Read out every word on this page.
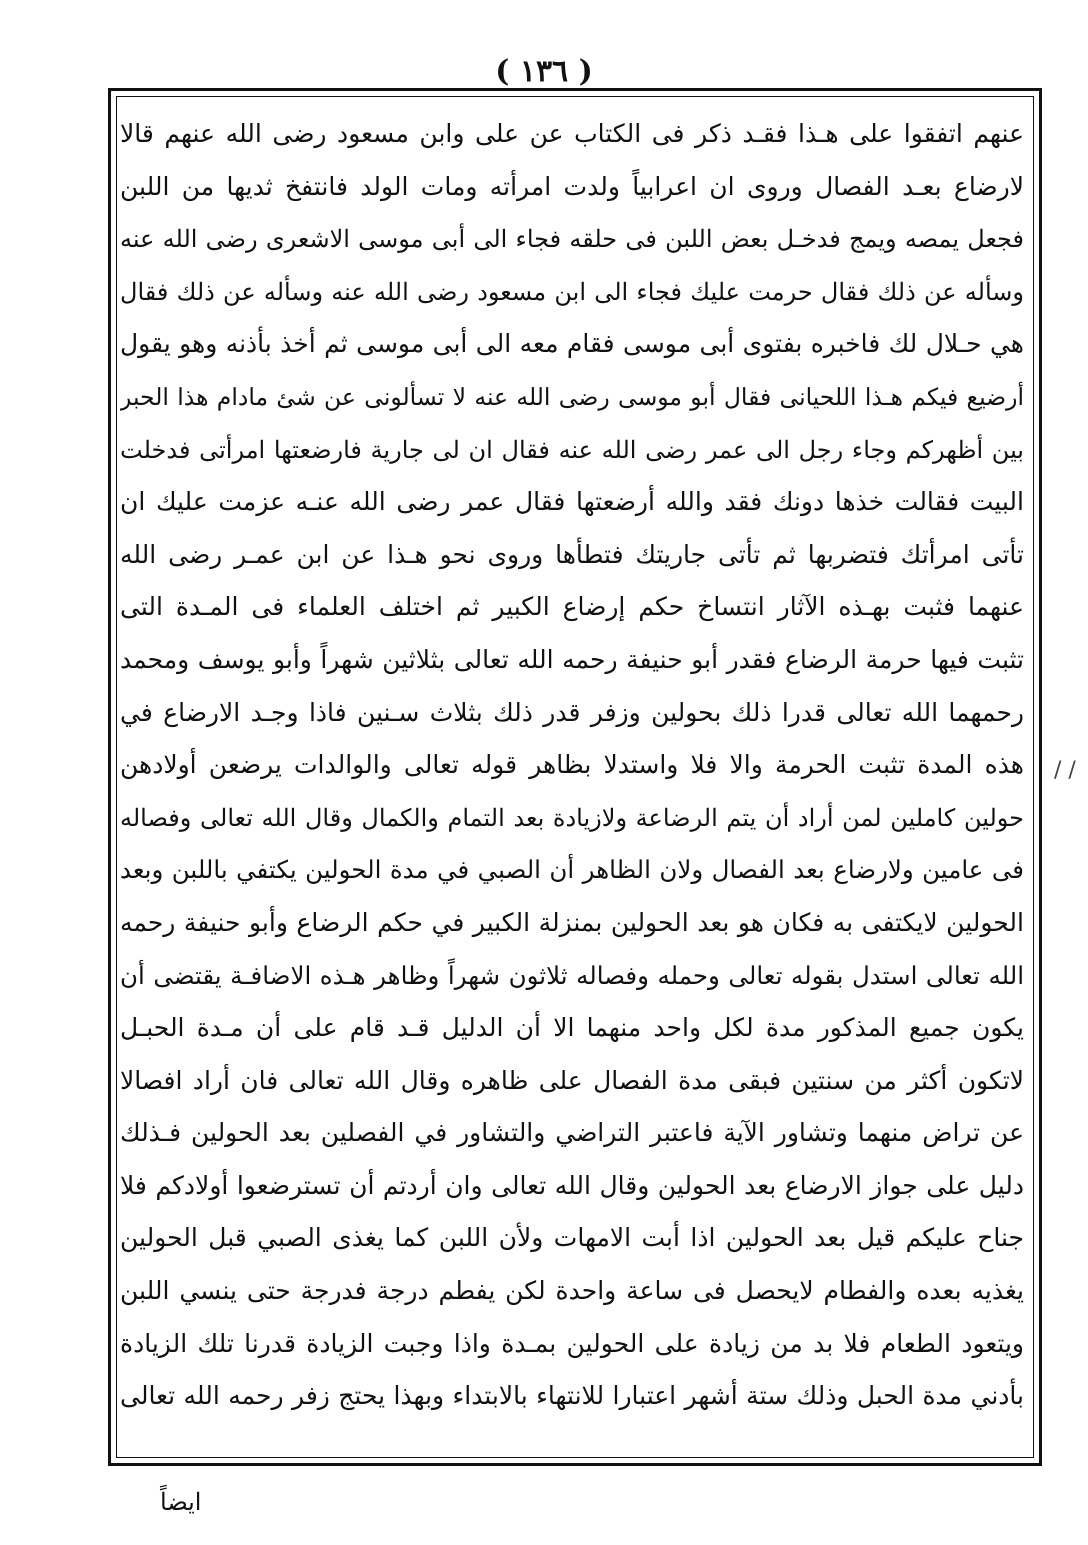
( ١٣٦ )
عنهم اتفقوا على هـذا فقـد ذكر فى الكتاب عن على وابن مسعود رضى الله عنهم قالا
لارضاع بعـد الفصال وروى ان اعرابياً ولدت امرأته ومات الولد فانتفخ ثديها من اللبن
فجعل يمصه ويمج فدخـل بعض اللبن فى حلقه فجاء الى أبى موسى الاشعرى رضى الله عنه
وسأله عن ذلك فقال حرمت عليك فجاء الى ابن مسعود رضى الله عنه وسأله عن ذلك فقال
هي حـلال لك فاخبره بفتوى أبى موسى فقام معه الى أبى موسى ثم أخذ بأذنه وهو يقول
أرضيع فيكم هـذا اللحيانى فقال أبو موسى رضى الله عنه لا تسألونى عن شئ مادام هذا الحبر
بين أظهركم وجاء رجل الى عمر رضى الله عنه فقال ان لى جارية فارضعتها امرأتى فدخلت
البيت فقالت خذها دونك فقد والله أرضعتها فقال عمر رضى الله عنـه عزمت عليك ان
تأتى امرأتك فتضربها ثم تأتى جاريتك فتطأها وروى نحو هـذا عن ابن عمـر رضى الله
عنهما فثبت بهـذه الآثار انتساخ حكم إرضاع الكبير ثم اختلف العلماء فى المـدة التى
تثبت فيها حرمة الرضاع فقدر أبو حنيفة رحمه الله تعالى بثلاثين شهراً وأبو يوسف ومحمد
رحمهما الله تعالى قدرا ذلك بحولين وزفر قدر ذلك بثلاث سـنين فاذا وجـد الارضاع في
هذه المدة تثبت الحرمة والا فلا واستدلا بظاهر قوله تعالى والوالدات يرضعن أولادهن
حولين كاملين لمن أراد أن يتم الرضاعة ولازيادة بعد التمام والكمال وقال الله تعالى وفصاله
فى عامين ولارضاع بعد الفصال ولان الظاهر أن الصبي في مدة الحولين يكتفي باللبن وبعد
الحولين لايكتفى به فكان هو بعد الحولين بمنزلة الكبير في حكم الرضاع وأبو حنيفة رحمه
الله تعالى استدل بقوله تعالى وحمله وفصاله ثلاثون شهراً وظاهر هـذه الاضافـة يقتضى أن
يكون جميع المذكور مدة لكل واحد منهما الا أن الدليل قـد قام على أن مـدة الحبـل
لاتكون أكثر من سنتين فبقى مدة الفصال على ظاهره وقال الله تعالى فان أراد افصالا
عن تراض منهما وتشاور الآية فاعتبر التراضي والتشاور في الفصلين بعد الحولين فـذلك
دليل على جواز الارضاع بعد الحولين وقال الله تعالى وان أردتم أن تسترضعوا أولادكم فلا
جناح عليكم قيل بعد الحولين اذا أبت الامهات ولأن اللبن كما يغذى الصبي قبل الحولين
يغذيه بعده والفطام لايحصل فى ساعة واحدة لكن يفطم درجة فدرجة حتى ينسي اللبن
ويتعود الطعام فلا بد من زيادة على الحولين بمـدة واذا وجبت الزيادة قدرنا تلك الزيادة
بأدني مدة الحبل وذلك ستة أشهر اعتبارا للانتهاء بالابتداء وبهذا يحتج زفر رحمه الله تعالى
/ /
ايضاً
